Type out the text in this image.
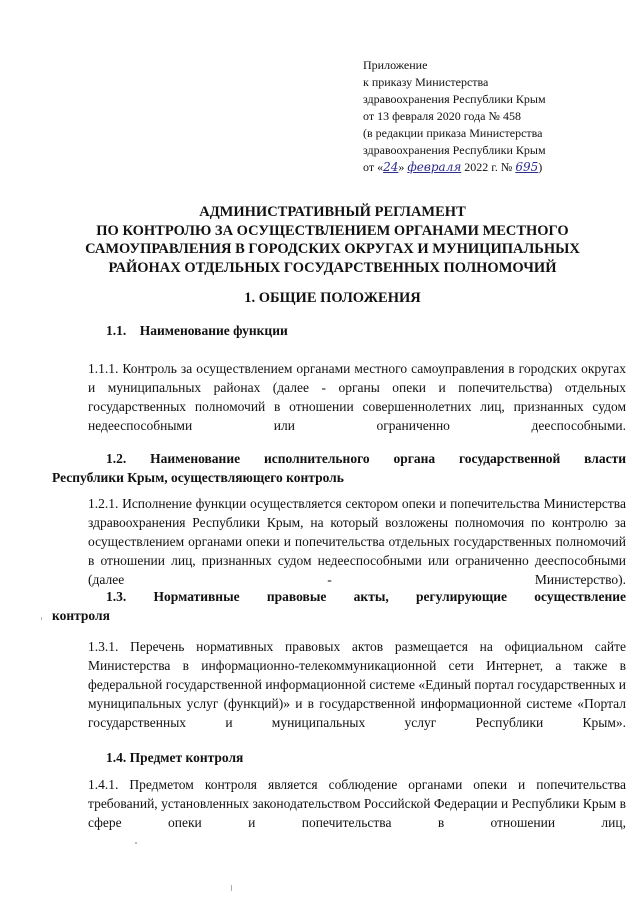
Приложение
к приказу Министерства
здравоохранения Республики Крым
от 13 февраля 2020 года № 458
(в редакции приказа Министерства
здравоохранения Республики Крым
от «24» февраля 2022 г. № 695)
АДМИНИСТРАТИВНЫЙ РЕГЛАМЕНТ
ПО КОНТРОЛЮ ЗА ОСУЩЕСТВЛЕНИЕМ ОРГАНАМИ МЕСТНОГО
САМОУПРАВЛЕНИЯ В ГОРОДСКИХ ОКРУГАХ И МУНИЦИПАЛЬНЫХ
РАЙОНАХ ОТДЕЛЬНЫХ ГОСУДАРСТВЕННЫХ ПОЛНОМОЧИЙ
1. ОБЩИЕ ПОЛОЖЕНИЯ
1.1.    Наименование функции
1.1.1. Контроль за осуществлением органами местного самоуправления в городских округах и муниципальных районах (далее - органы опеки и попечительства) отдельных государственных полномочий в отношении совершеннолетних лиц, признанных судом недееспособными или ограниченно дееспособными.
1.2. Наименование исполнительного органа государственной власти
Республики Крым, осуществляющего контроль
1.2.1. Исполнение функции осуществляется сектором опеки и попечительства Министерства здравоохранения Республики Крым, на который возложены полномочия по контролю за осуществлением органами опеки и попечительства отдельных государственных полномочий в отношении лиц, признанных судом недееспособными или ограниченно дееспособными (далее - Министерство).
1.3. Нормативные правовые акты, регулирующие осуществление
контроля
1.3.1. Перечень нормативных правовых актов размещается на официальном сайте Министерства в информационно-телекоммуникационной сети Интернет, а также в федеральной государственной информационной системе «Единый портал государственных и муниципальных услуг (функций)» и в государственной информационной системе «Портал государственных и муниципальных услуг Республики Крым».
1.4. Предмет контроля
1.4.1. Предметом контроля является соблюдение органами опеки и попечительства требований, установленных законодательством Российской Федерации и Республики Крым в сфере опеки и попечительства в отношении лиц,
